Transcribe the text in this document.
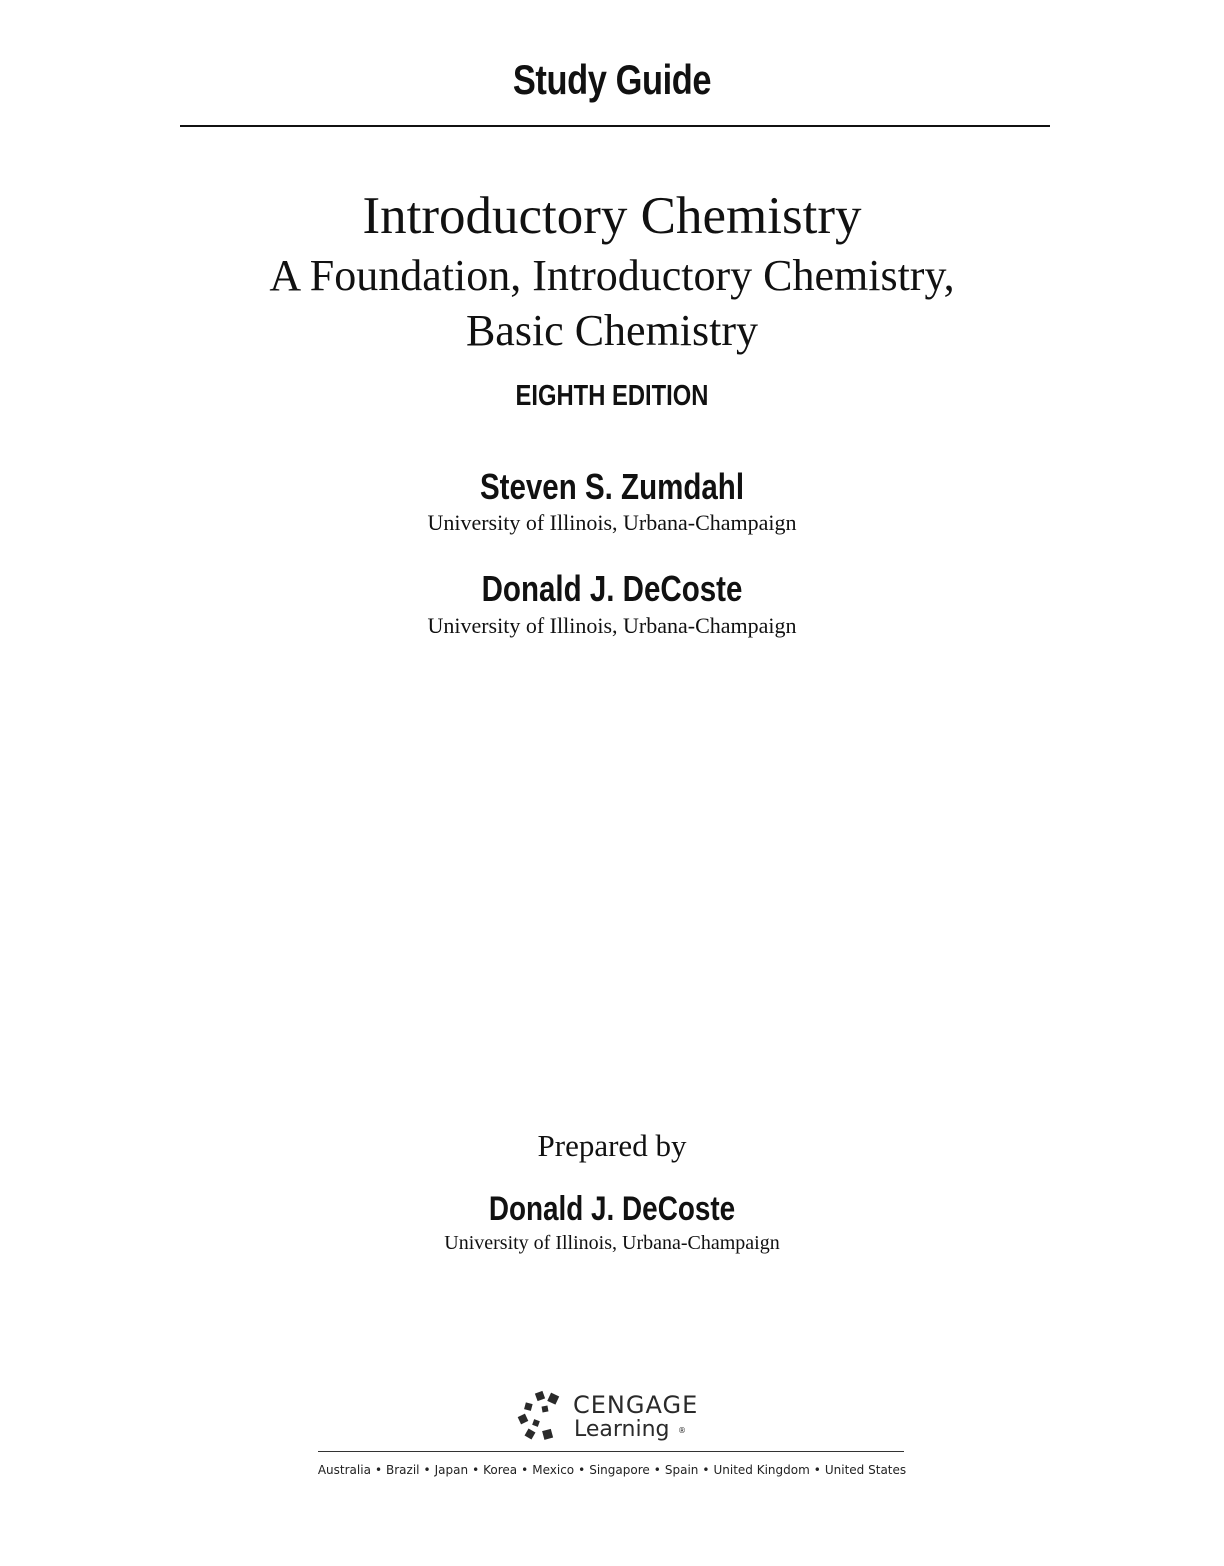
Study Guide
Introductory Chemistry
A Foundation, Introductory Chemistry,
Basic Chemistry
EIGHTH EDITION
Steven S. Zumdahl
University of Illinois, Urbana-Champaign
Donald J. DeCoste
University of Illinois, Urbana-Champaign
Prepared by
Donald J. DeCoste
University of Illinois, Urbana-Champaign
CENGAGE
Learning ®
Australia • Brazil • Japan • Korea • Mexico • Singapore • Spain • United Kingdom • United States
